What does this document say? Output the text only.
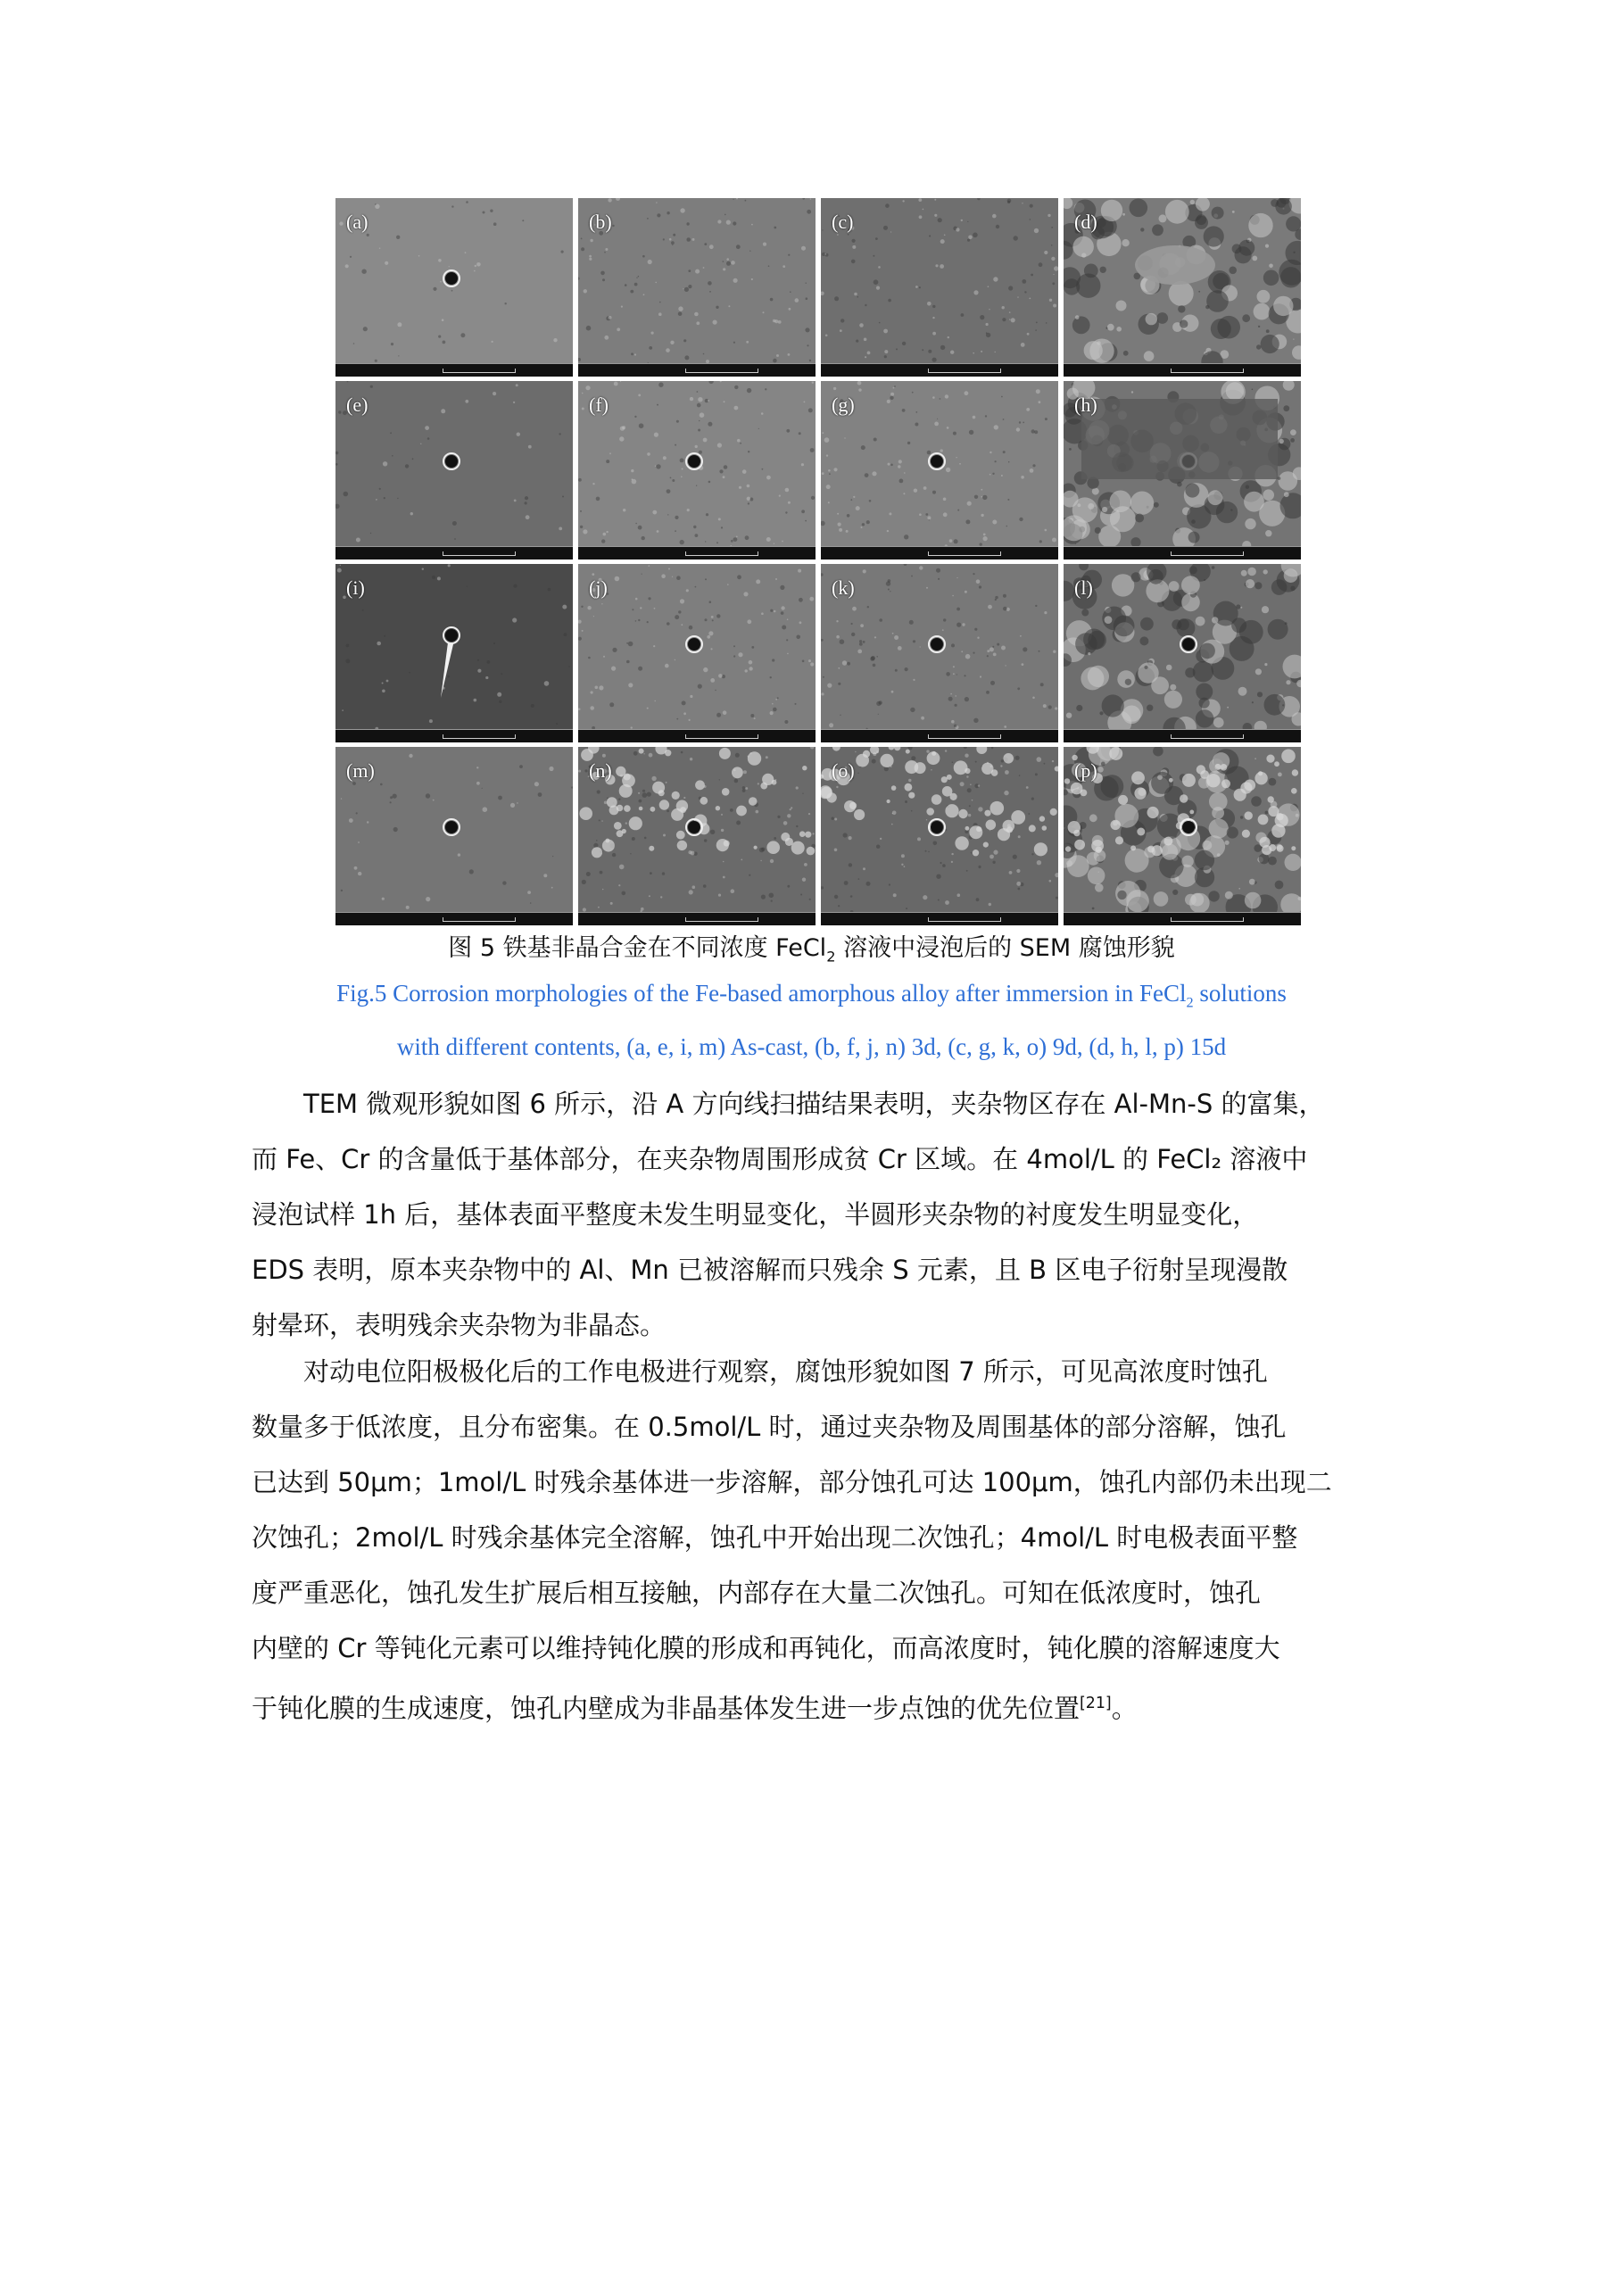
(a)	(b)	(c)	(d)
(e)	(f)	(g)	(h)
(i)	(j)	(k)	(l)
(m)	(n)	(o)	(p)
图 5 铁基非晶合金在不同浓度 FeCl$_2$ 溶液中浸泡后的 SEM 腐蚀形貌
Fig.5 Corrosion morphologies of the Fe-based amorphous alloy after immersion in FeCl$_2$ solutions
with different contents, (a, e, i, m) As-cast, (b, f, j, n) 3d, (c, g, k, o) 9d, (d, h, l, p) 15d
TEM 微观形貌如图 6 所示，沿 A 方向线扫描结果表明，夹杂物区存在 Al-Mn-S 的富集，
而 Fe、Cr 的含量低于基体部分，在夹杂物周围形成贫 Cr 区域。在 4mol/L 的 FeCl₂ 溶液中
浸泡试样 1h 后，基体表面平整度未发生明显变化，半圆形夹杂物的衬度发生明显变化，
EDS 表明，原本夹杂物中的 Al、Mn 已被溶解而只残余 S 元素，且 B 区电子衍射呈现漫散
射晕环，表明残余夹杂物为非晶态。
对动电位阳极极化后的工作电极进行观察，腐蚀形貌如图 7 所示，可见高浓度时蚀孔
数量多于低浓度，且分布密集。在 0.5mol/L 时，通过夹杂物及周围基体的部分溶解，蚀孔
已达到 50μm；1mol/L 时残余基体进一步溶解，部分蚀孔可达 100μm，蚀孔内部仍未出现二
次蚀孔；2mol/L 时残余基体完全溶解，蚀孔中开始出现二次蚀孔；4mol/L 时电极表面平整
度严重恶化，蚀孔发生扩展后相互接触，内部存在大量二次蚀孔。可知在低浓度时，蚀孔
内壁的 Cr 等钝化元素可以维持钝化膜的形成和再钝化，而高浓度时，钝化膜的溶解速度大
于钝化膜的生成速度，蚀孔内壁成为非晶基体发生进一步点蚀的优先位置[21]。
